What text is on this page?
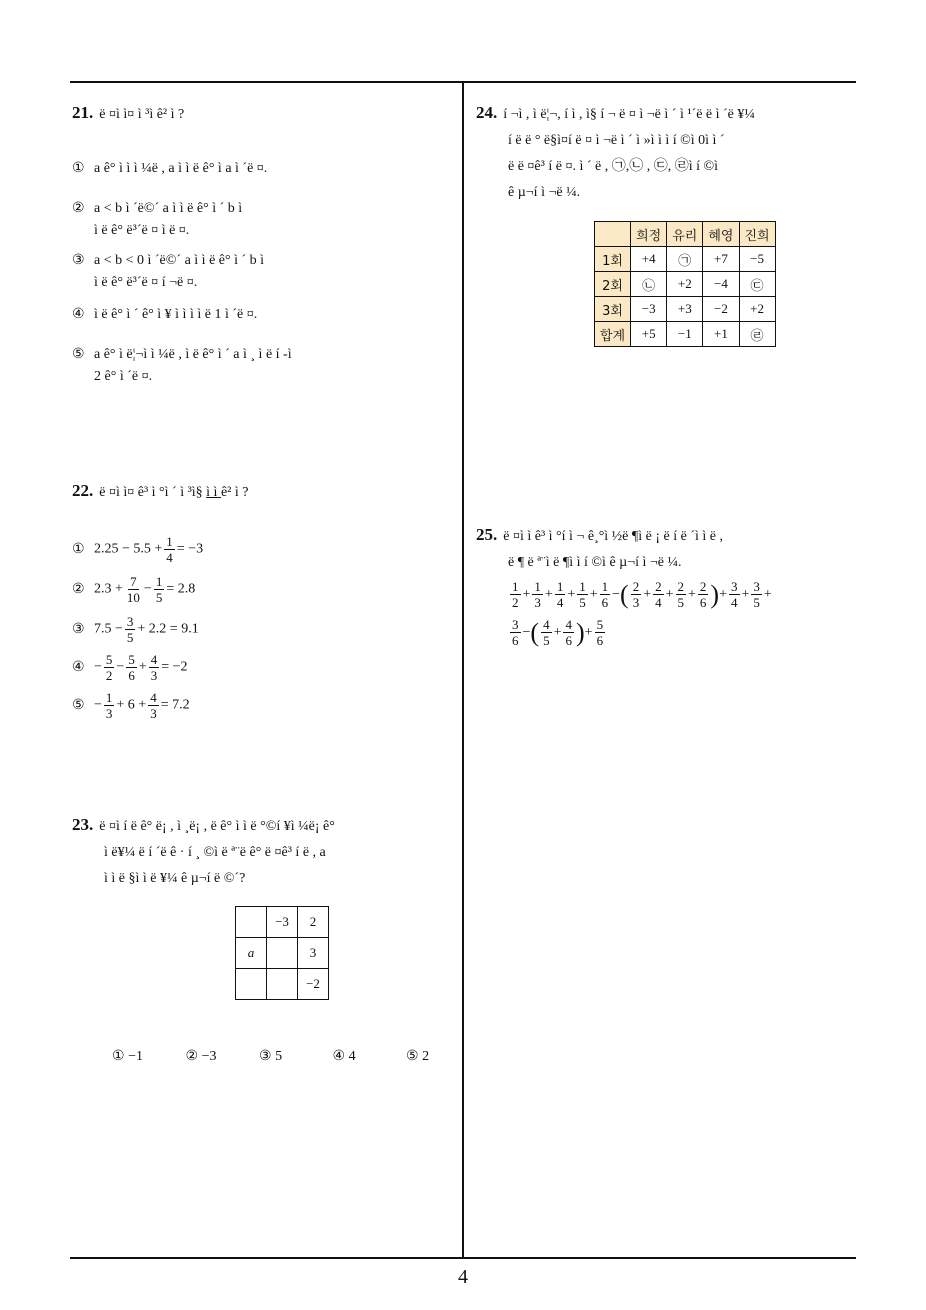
4
21. ë ¤ì ì¤ ì ³ì ê² ì ?
① a ê° ì ì ì ¼ë , a ì ì ë ê° ì a ì ´ë ¤.
② a < b ì ´ë©´ a ì ì ë ê° ì ´ b ì
ì ë ê° ë³´ë ¤ ì ë ¤.
③ a < b < 0 ì ´ë©´ a ì ì ë ê° ì ´ b ì
ì ë ê° ë³´ë ¤ í ¬ë ¤.
④ ì ë ê° ì ´ ê° ì ¥ ì ì ì ì ë 1 ì ´ë ¤.
⑤ a ê° ì ë¦¬ì ì ¼ë , ì ë ê° ì ´ a ì ¸ ì ë í -ì
2 ê° ì ´ë ¤.
22. ë ¤ì ì¤ ê³ ì °ì ´ ì ³ì§ ì ì ê² ì ?
① $2.25 - 5.5 + \frac{1}{4} = -3$
② $2.3 + \frac{7}{10} - \frac{1}{5} = 2.8$
③ $7.5 - \frac{3}{5} + 2.2 = 9.1$
④ − $\frac{5}{2} - \frac{5}{6} + \frac{4}{3} = -2$
⑤ − $\frac{1}{3} + 6 + \frac{4}{3} = 7.2$
23. ë ¤ì í ë ê° ë¡ , ì ¸ë¡ , ë ê° ì ì ë °©í ¥ì ¼ë¡ ê°
ì ë¥¼ ë í ´ë ê · í ¸ ©ì ë ª¨ë ê° ë ¤ê³ í ë , a
ì ì ë §ì ì ë ¥¼ ê µ¬í ë ©´?
	−3	2
a		3
		−2
① −1	② −3	③ 5	④ 4	⑤ 2
24. í ¬ì , ì ë¦¬, í ì , ì§ í ¬ ë ¤ ì ¬ë ì ´ ì ¹´ë ë ì ´ë ¥¼
í ë ë ° ë§ì¤í ë ¤ ì ¬ë ì ´ ì »ì ì ì í ©ì 0ì ì ´
ë ë ¤ê³ í ë ¤. ì ´ ë , ㉠,㉡ , ㉢, ㉣ì í ©ì
ê µ¬í ì ¬ë ¼.
	희정	유리	혜영	진희
1회	+4	㉠	+7	−5
2회	㉡	+2	−4	㉢
3회	−3	+3	−2	+2
합계	+5	−1	+1	㉣
25. ë ¤ì ì ê³ ì °í ì ¬ ê¸°ì ½ë ¶ì ë ¡ ë í ë ´ì ì ë ,
ë ¶ ë ª¨ì ë ¶ì ì í ©ì ê µ¬í ì ¬ë ¼.
$\frac{1}{2} + \frac{1}{3} + \frac{1}{4} + \frac{1}{5} + \frac{1}{6}$ −( $\frac{2}{3} + \frac{2}{4} + \frac{2}{5} + \frac{2}{6}$ )+ $\frac{3}{4} + \frac{3}{5}$ +
$\frac{3}{6}$ −( $\frac{4}{5} + \frac{4}{6}$ )+ $\frac{5}{6}$
